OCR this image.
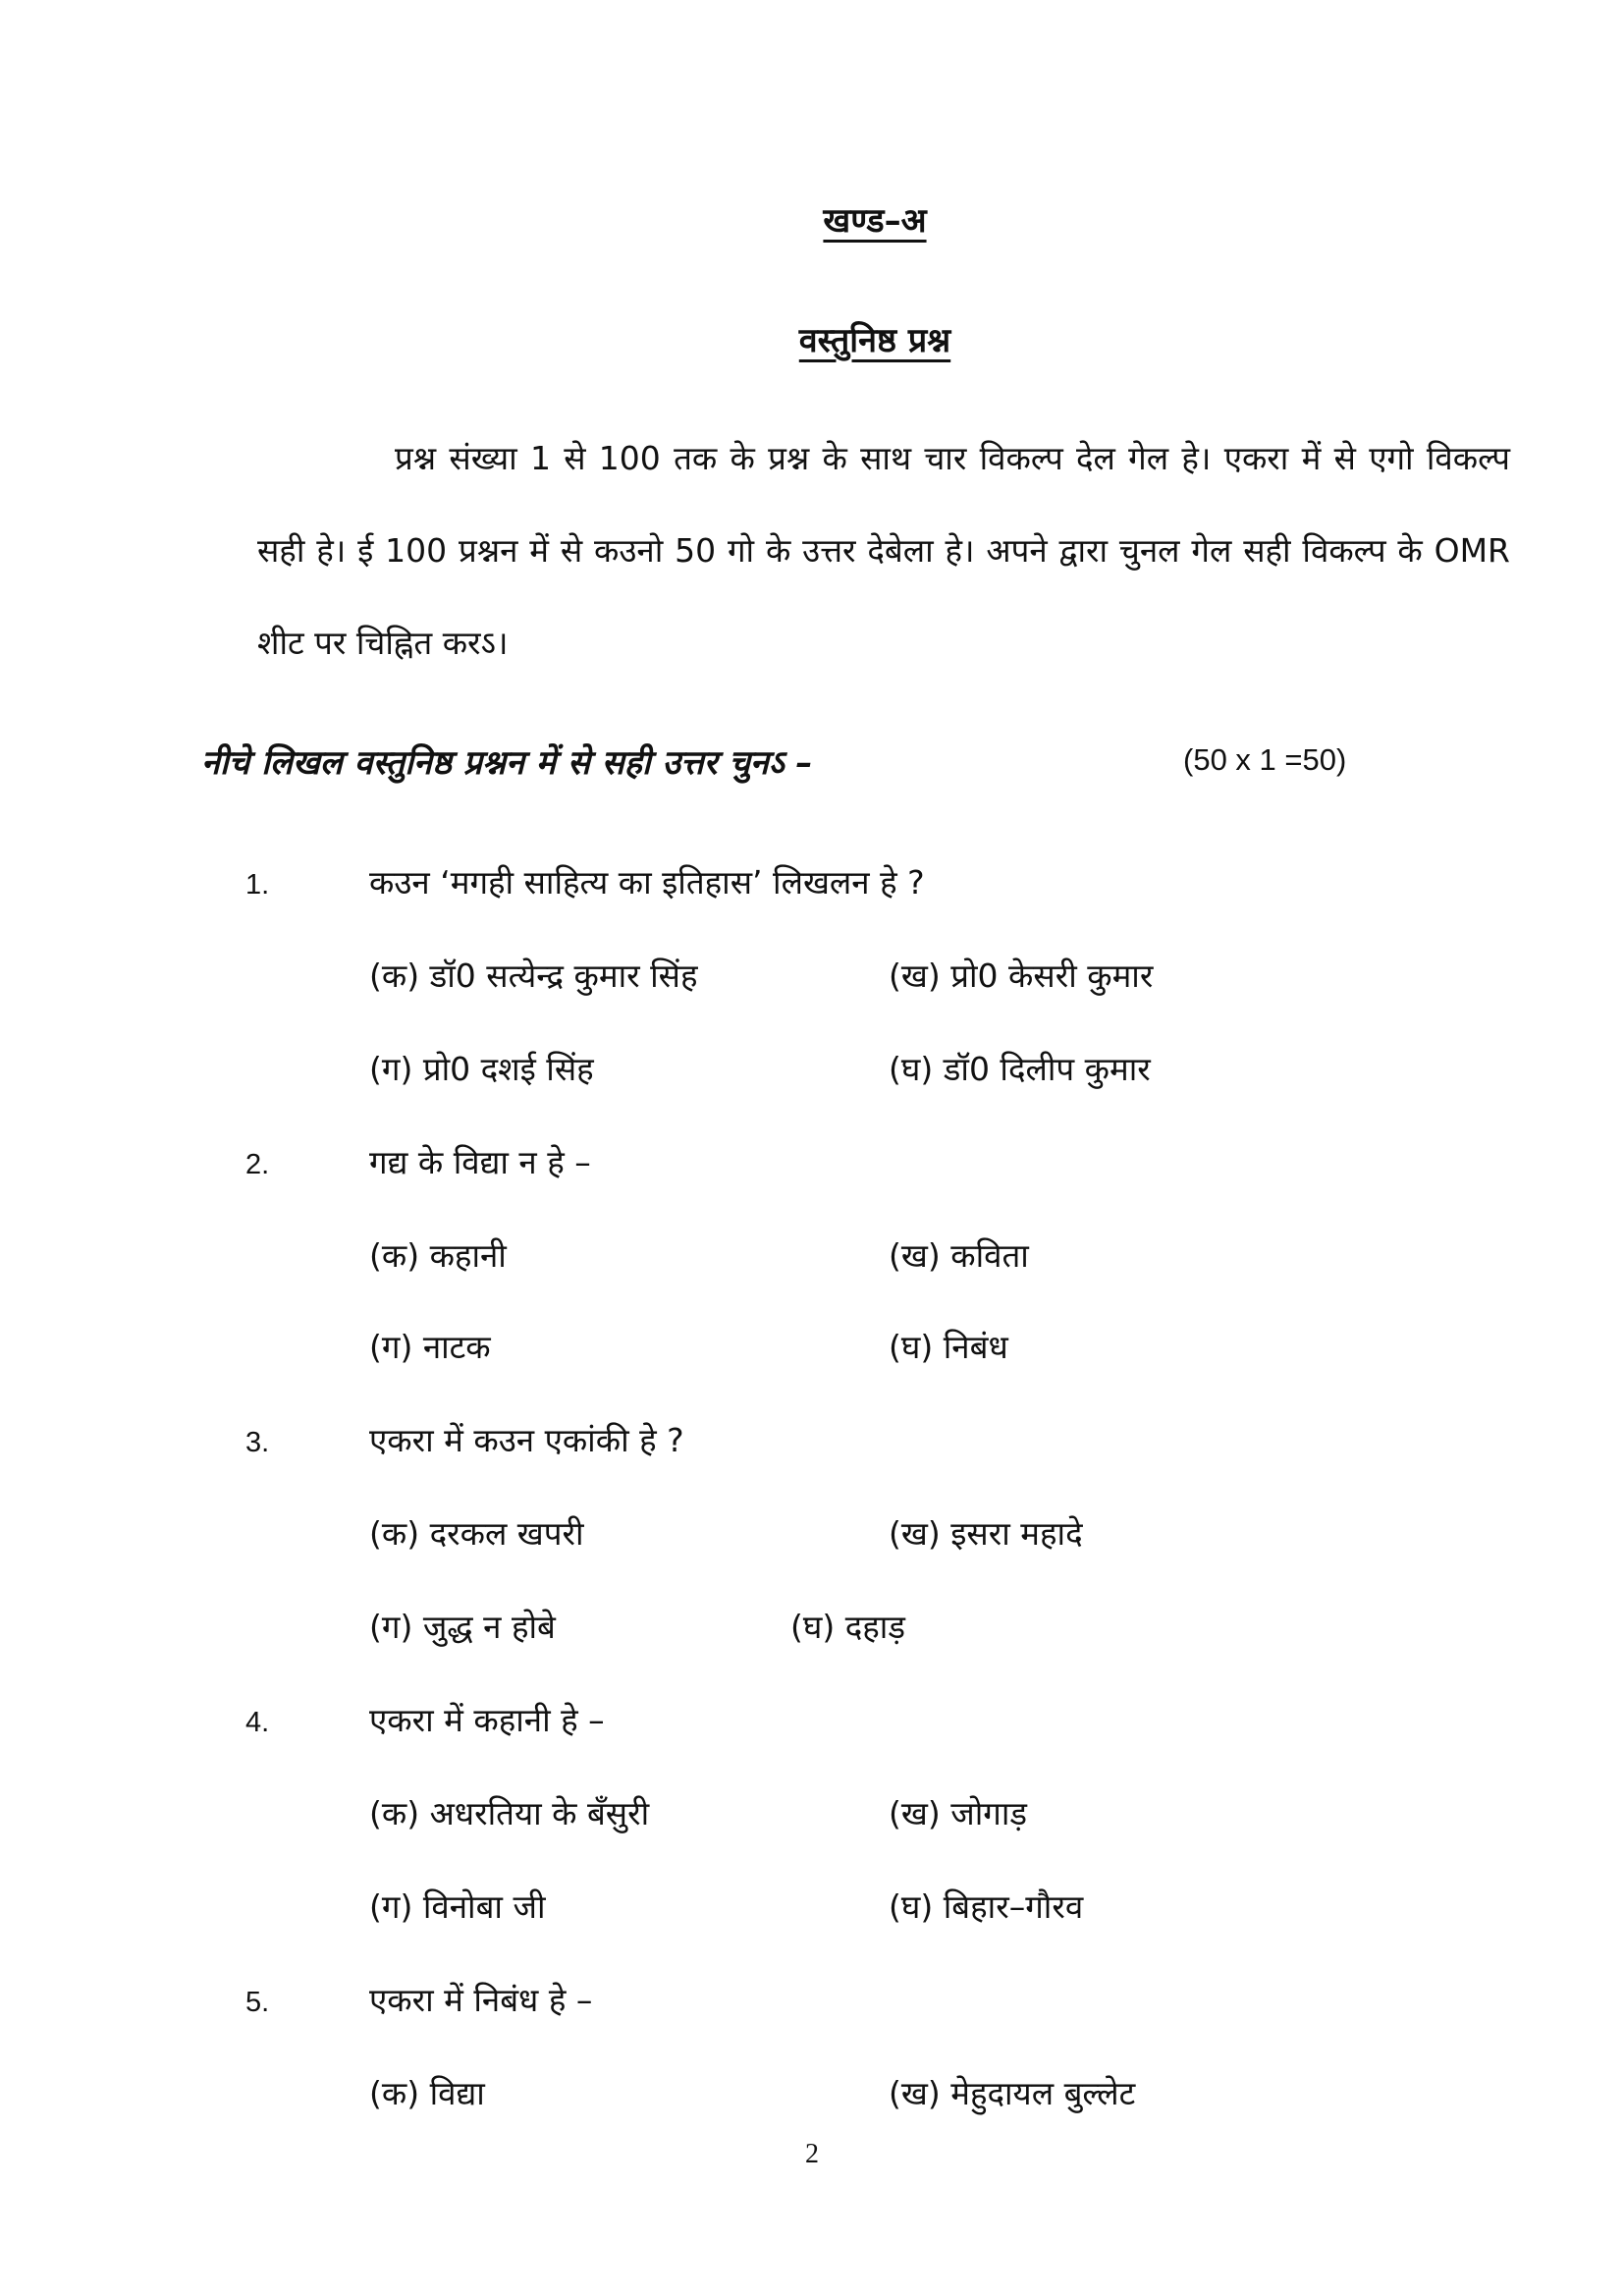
खण्ड–अ
वस्तुनिष्ठ प्रश्न
प्रश्न संख्या 1 से 100 तक के प्रश्न के साथ चार विकल्प देल गेल हे। एकरा में से एगो विकल्प सही हे। ई 100 प्रश्नन में से कउनो 50 गो के उत्तर देबेला हे। अपने द्वारा चुनल गेल सही विकल्प के OMR शीट पर चिह्नित करऽ।
नीचे लिखल वस्तुनिष्ठ प्रश्नन में से सही उत्तर चुनऽ –	(50 x 1 =50)
1.	कउन ‘मगही साहित्य का इतिहास’ लिखलन हे ?
(क) डॉ0 सत्येन्द्र कुमार सिंह	(ख) प्रो0 केसरी कुमार
(ग) प्रो0 दशई सिंह	(घ) डॉ0 दिलीप कुमार
2.	गद्य के विद्या न हे –
(क) कहानी	(ख) कविता
(ग) नाटक	(घ) निबंध
3.	एकरा में कउन एकांकी हे ?
(क) दरकल खपरी	(ख) इसरा महादे
(ग) जुद्ध न होबे	(घ) दहाड़
4.	एकरा में कहानी हे –
(क) अधरतिया के बँसुरी	(ख) जोगाड़
(ग) विनोबा जी	(घ) बिहार–गौरव
5.	एकरा में निबंध हे –
(क) विद्या	(ख) मेहुदायल बुल्लेट
2
